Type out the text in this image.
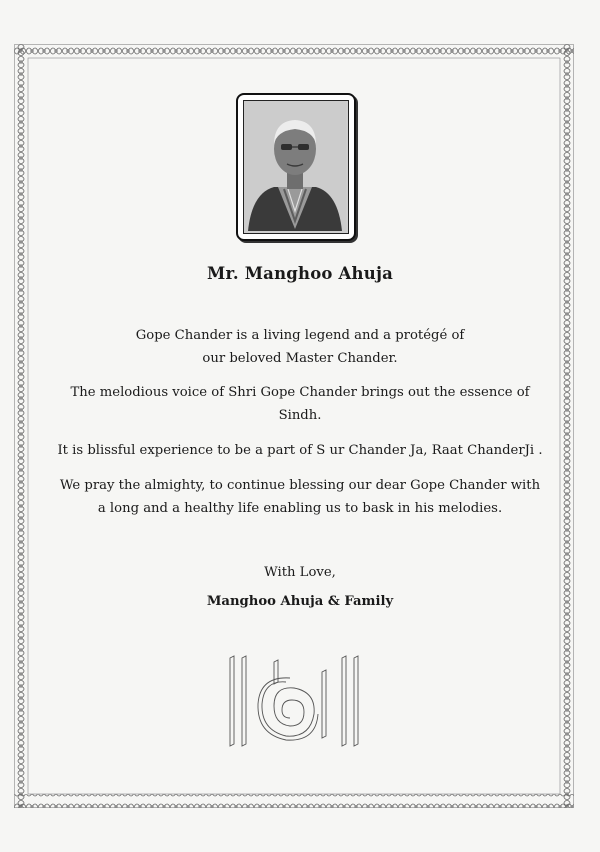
Mr. Manghoo Ahuja
Gope Chander is a living legend and a protégé of
our beloved Master Chander.
The melodious voice of Shri Gope Chander brings out the essence of
Sindh.
It is blissful experience to be a part of S ur Chander Ja, Raat ChanderJi .
We pray the almighty, to continue blessing our dear Gope Chander with
a long and a healthy life enabling us to bask in his melodies.
With Love,
Manghoo Ahuja & Family
